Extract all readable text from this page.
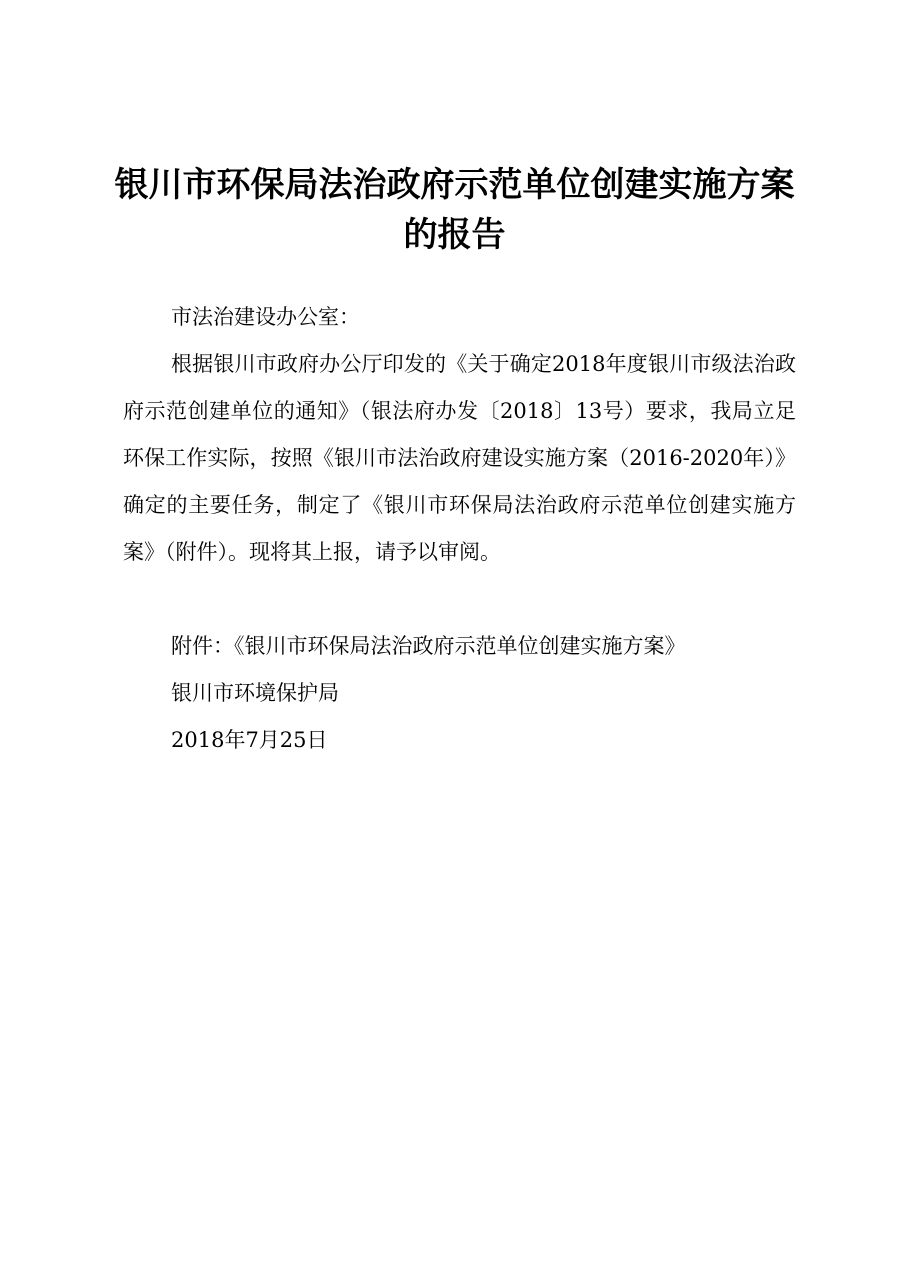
银川市环保局法治政府示范单位创建实施方案
的报告

市法治建设办公室：

根据银川市政府办公厅印发的《关于确定2018年度银川市级法治政府示范创建单位的通知》（银法府办发〔2018〕13号）要求，我局立足环保工作实际，按照《银川市法治政府建设实施方案（2016-2020年）》确定的主要任务，制定了《银川市环保局法治政府示范单位创建实施方案》（附件）。现将其上报，请予以审阅。

附件：《银川市环保局法治政府示范单位创建实施方案》

银川市环境保护局

2018年7月25日
